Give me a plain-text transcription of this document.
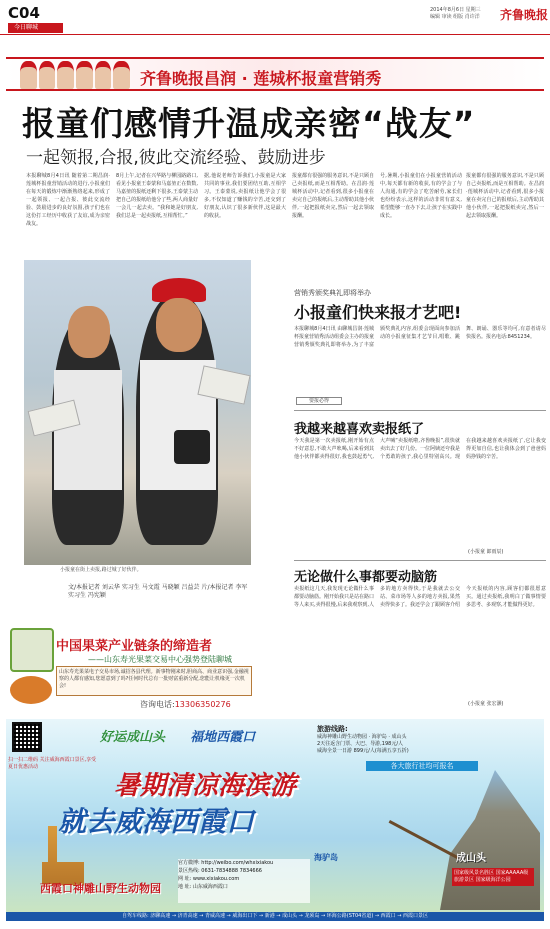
C04
今日聊城
2014年8月6日 星期三
编辑 审读 组版 肖许洋	齐鲁晚报
齐鲁晚报昌润 · 莲城杯报童营销秀
报童们感情升温成亲密“战友”
一起领报,合报,彼此交流经验、鼓励进步
本报聊城8月4日讯 随着第二期昌润·莲城杯报童营销活动的进行,小报童们在每天的锻炼中渐渐熟络起来,形成了一起领报、一起合报、彼此交流经验、鼓励进步的良好氛围,孩子们也在这份打工经历中收获了友谊,成为亲密战友。
8月上午,记者在兴华路与柳园路路口,看见小报童王泰蒙和马嘉堃正在数数,马嘉堃的报纸还剩下很多,王泰蒙主动把自己的报纸给他分了些,两人商量好一会儿一起去卖。“我和她是好朋友,我们总是一起卖报纸,互相帮忙。”
据,他说老师告诉我们,小报童是大家共同的事业,我们要团结互助,互相学习。王泰蒙说,卖报纸让他学会了很多,不仅知道了赚钱的辛苦,还交到了好朋友,认识了很多新伙伴,这是最大的收获。
报童都有很强的服务意识,不是只顾自己卖报纸,而是互相帮助。在昌润·莲城杯活动中,记者看到,很多小报童在卖完自己的报纸后,主动帮助其他小伙伴,一起把报纸卖完,然后一起去领取报酬。
号,暑期,小报童们在小报童营销活动中,每天都有新的收获,有的学会了与人沟通,有的学会了吃苦耐劳,家长们也纷纷表示,这样的活动非常有意义,希望能够一直办下去,让孩子在实践中成长。
报童都有很强的服务意识,不是只顾自己卖报纸,而是互相帮助。在昌润·莲城杯活动中,记者看到,很多小报童在卖完自己的报纸后,主动帮助其他小伙伴,一起把报纸卖完,然后一起去领取报酬。
小报童在街上卖报,路过城了好伙伴。
文/本报记者 刘云华 实习生 马文霞 马晓颖 吕益芸 片/本报记者 李军 实习生 冯宪颖
营销秀颁奖典礼即将举办
小报童们快来报才艺吧!
本报聊城8月4日讯 由聊城昌润·莲城杯报童营销秀活动组委会主办的报童营销秀颁奖典礼即将举办,为了丰富颁奖典礼内容,组委会现面向参加活动的小报童征集才艺节目,唱歌、跳舞、朗诵、器乐等均可,有意者请尽快报名。报名电话:8451234。
要报必得
我越来越喜欢卖报纸了
今天我是第一次卖报纸,刚开始有点不好意思,不敢大声吆喝,后来看到其他小伙伴都卖得很好,我也鼓起勇气,大声喊“卖报纸啦,齐鲁晚报”,很快就卖出去了好几份。一位阿姨还夸我是个勇敢的孩子,我心里特别高兴。现在我越来越喜欢卖报纸了,它让我变得更加自信,也让我体会到了爸爸妈妈挣钱的辛苦。
(小报童 郎雨辰)
无论做什么事都要动脑筋
卖报纸这几天,我发现无论做什么事都要动脑筋。刚开始我只是站在路口等人来买,卖得很慢,后来我观察到,人多的地方卖得快,于是我就去公交站、菜市场等人多的地方卖报,果然卖得快多了。我还学会了跟顾客介绍今天报纸的内容,顾客们都很愿意买。通过卖报纸,我明白了做事情要多思考、多观察,才能做得更好。
(小报童 张宏灏)
中国果菜产业链条的缔造者
——山东寿光果菜交易中心强势登陆聊城
山东寿光果菜电子交易市场,诚招各县代理。新事物刚来时,胆商高、商业意识强,金融视察的人都有感知,您愿意到了吗?任何时代总有一批财富重新分配,您能让机缘更一次机会!
咨询电话:13306350276
扫一扫二维码 关注威海西霞口景区,享受夏日优惠活动
好运成山头 福地西霞口
旅游线路:
威海神雕山野生动物园 · 海驴岛 · 成山头
2天往返含门票、大巴、导游,198元/人
威海全景一日游 899元/人(每满五享五折)
各大旅行社均可报名
暑期清凉海滨游
就去威海西霞口
西霞口神雕山野生动物园
海驴岛
官方微博: http://weibo.com/whxixiakou
景区热线: 0631-7834888 7834666
网 址: www.xixiakou.com
地 址: 山东威海西霞口
成山头
国家级风景名胜区 国家AAAAA级旅游景区 国家级海洋公园
自驾车线路: 济聊高速 → 济青高速 → 青威高速 → 威海出口下 → 新港 → 成山头 → 龙须岛 → 环海公路(ST04省道) → 西霞口 → 西霞口景区
